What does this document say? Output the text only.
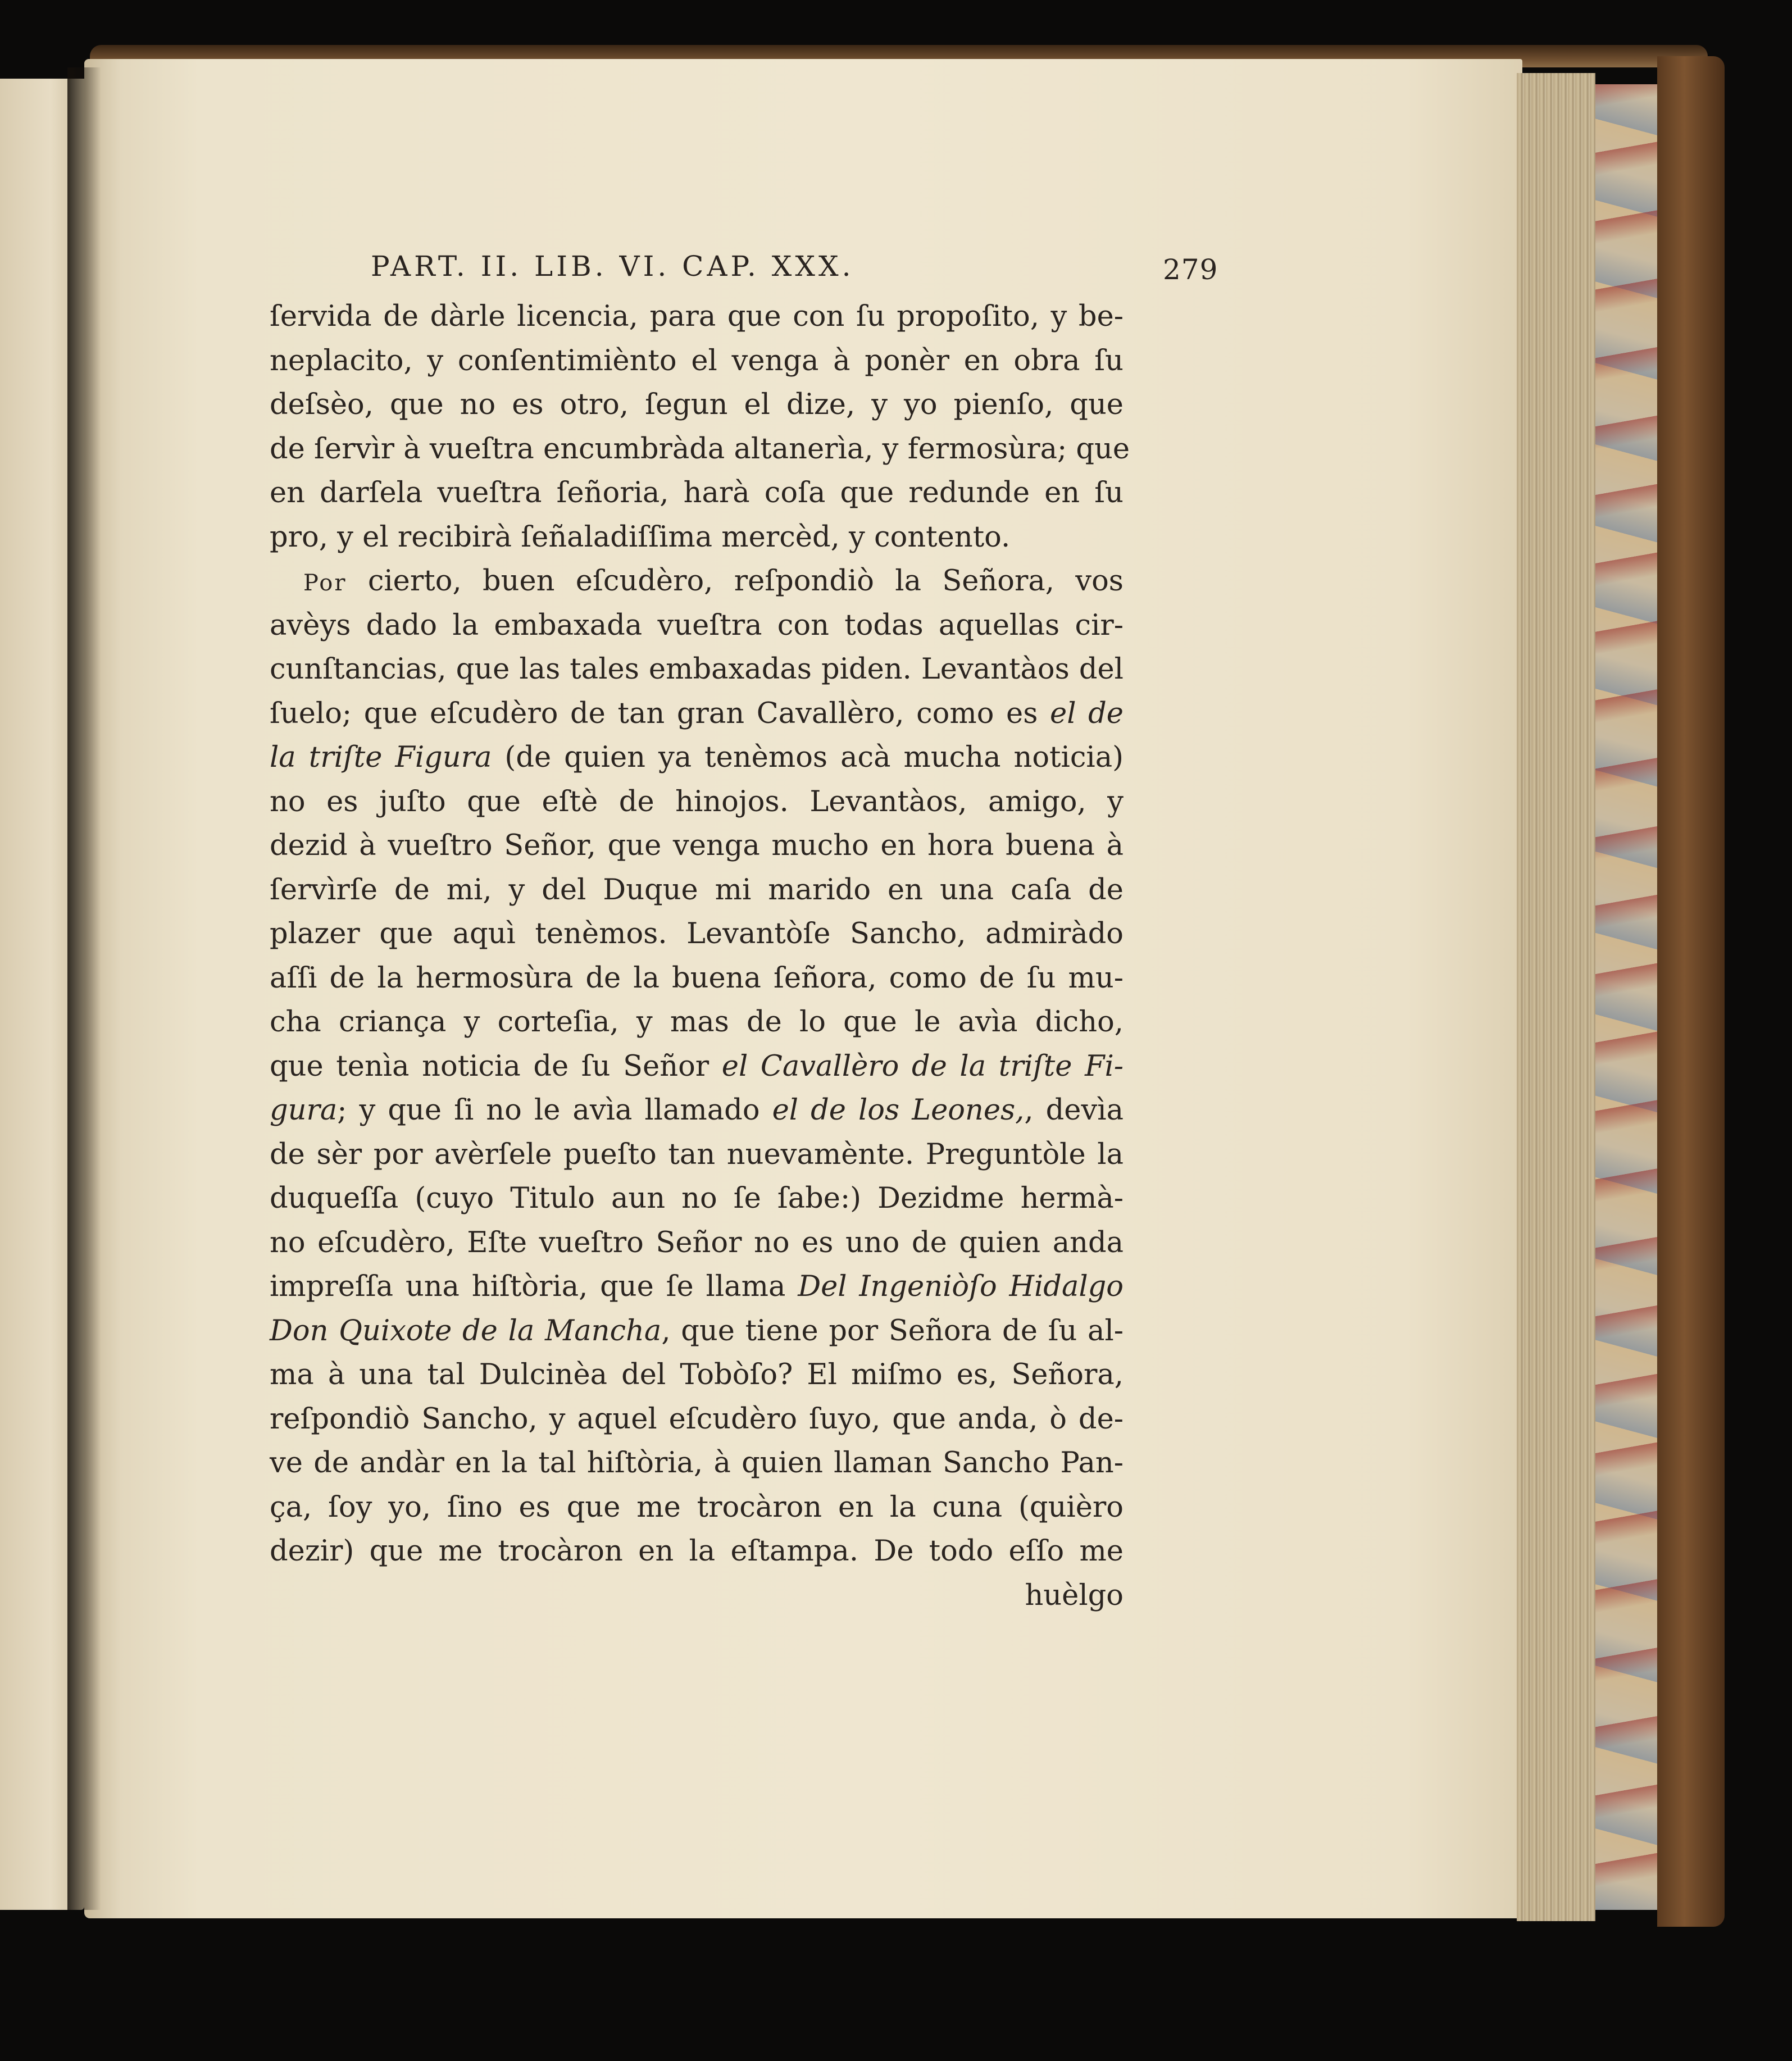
PART. II. LIB. VI. CAP. XXX.	279
ſervida de dàrle licencia, para que con ſu propoſito, y be-
neplacito, y conſentimiènto el venga à ponèr en obra ſu
deſsèo, que no es otro, ſegun el dize, y yo pienſo, que
de ſervìr à vueſtra encumbràda altanerìa, y fermosùra; que
en darſela vueſtra ſeñoria, harà coſa que redunde en ſu
pro, y el recibirà ſeñaladiſſima mercèd, y contento.
Por cierto, buen eſcudèro, reſpondiò la Señora, vos
avèys dado la embaxada vueſtra con todas aquellas cir-
cunſtancias, que las tales embaxadas piden. Levantàos del
ſuelo; que eſcudèro de tan gran Cavallèro, como es el de
la triſte Figura (de quien ya tenèmos acà mucha noticia)
no es juſto que eſtè de hinojos. Levantàos, amigo, y
dezid à vueſtro Señor, que venga mucho en hora buena à
ſervìrſe de mi, y del Duque mi marido en una caſa de
plazer que aquì tenèmos. Levantòſe Sancho, admiràdo
aſſi de la hermosùra de la buena ſeñora, como de ſu mu-
cha criança y corteſia, y mas de lo que le avìa dicho,
que tenìa noticia de ſu Señor el Cavallèro de la triſte Fi-
gura; y que ſi no le avìa llamado el de los Leones,, devìa
de sèr por avèrſele pueſto tan nuevamènte. Preguntòle la
duqueſſa (cuyo Titulo aun no ſe ſabe:) Dezidme hermà-
no eſcudèro, Eſte vueſtro Señor no es uno de quien anda
impreſſa una hiſtòria, que ſe llama Del Ingeniòſo Hidalgo
Don Quixote de la Mancha, que tiene por Señora de ſu al-
ma à una tal Dulcinèa del Tobòſo? El miſmo es, Señora,
reſpondiò Sancho, y aquel eſcudèro ſuyo, que anda, ò de-
ve de andàr en la tal hiſtòria, à quien llaman Sancho Pan-
ça, ſoy yo, ſino es que me trocàron en la cuna (quièro
dezir) que me trocàron en la eſtampa. De todo eſſo me
huèlgo
